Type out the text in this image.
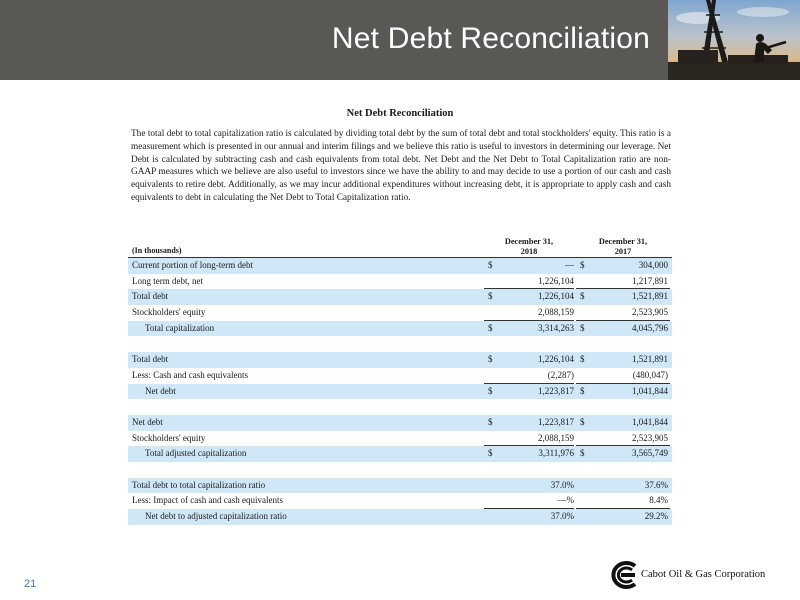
Net Debt Reconciliation
Net Debt Reconciliation
The total debt to total capitalization ratio is calculated by dividing total debt by the sum of total debt and total stockholders' equity. This ratio is a measurement which is presented in our annual and interim filings and we believe this ratio is useful to investors in determining our leverage. Net Debt is calculated by subtracting cash and cash equivalents from total debt. Net Debt and the Net Debt to Total Capitalization ratio are non-GAAP measures which we believe are also useful to investors since we have the ability to and may decide to use a portion of our cash and cash equivalents to retire debt. Additionally, as we may incur additional expenditures without increasing debt, it is appropriate to apply cash and cash equivalents to debt in calculating the Net Debt to Total Capitalization ratio.
(In thousands)
December 31,
2018
December 31,
2017
Current portion of long-term debt	$	— $	304,000
Long term debt, net	1,226,104	1,217,891
Total debt	$	1,226,104 $	1,521,891
Stockholders' equity	2,088,159	2,523,905
Total capitalization	$	3,314,263 $	4,045,796
Total debt	$	1,226,104 $	1,521,891
Less: Cash and cash equivalents	(2,287)	(480,047)
Net debt	$	1,223,817 $	1,041,844
Net debt	$	1,223,817 $	1,041,844
Stockholders' equity	2,088,159	2,523,905
Total adjusted capitalization	$	3,311,976 $	3,565,749
Total debt to total capitalization ratio	37.0%	37.6%
Less: Impact of cash and cash equivalents	—%	8.4%
Net debt to adjusted capitalization ratio	37.0%	29.2%
21
Cabot Oil & Gas Corporation
